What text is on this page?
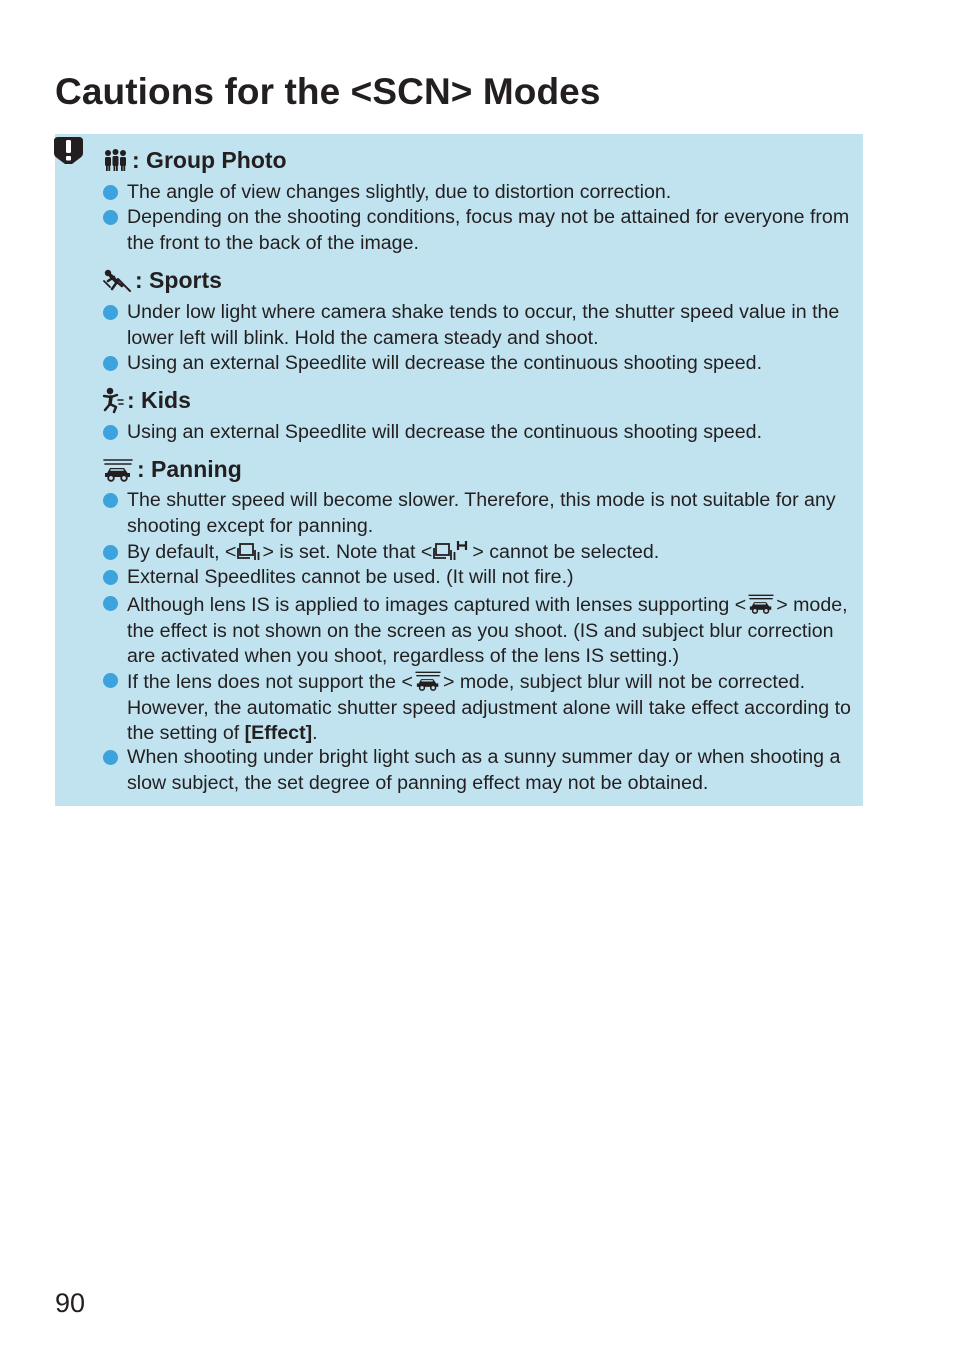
Cautions for the <SCN> Modes
: Group Photo
The angle of view changes slightly, due to distortion correction.
Depending on the shooting conditions, focus may not be attained for everyone from the front to the back of the image.
: Sports
Under low light where camera shake tends to occur, the shutter speed value in the lower left will blink. Hold the camera steady and shoot.
Using an external Speedlite will decrease the continuous shooting speed.
: Kids
Using an external Speedlite will decrease the continuous shooting speed.
: Panning
The shutter speed will become slower. Therefore, this mode is not suitable for any shooting except for panning.
By default, < > is set. Note that < > cannot be selected.
External Speedlites cannot be used. (It will not fire.)
Although lens IS is applied to images captured with lenses supporting < > mode, the effect is not shown on the screen as you shoot. (IS and subject blur correction are activated when you shoot, regardless of the lens IS setting.)
If the lens does not support the < > mode, subject blur will not be corrected. However, the automatic shutter speed adjustment alone will take effect according to the setting of [Effect].
When shooting under bright light such as a sunny summer day or when shooting a slow subject, the set degree of panning effect may not be obtained.
90
